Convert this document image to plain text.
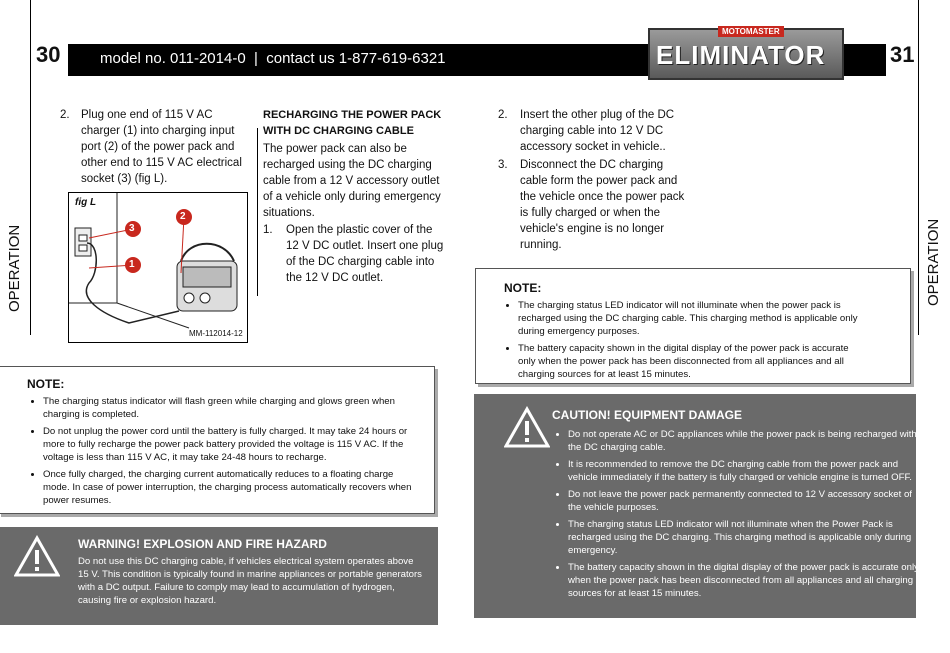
30	31
model no. 011-2014-0  |  contact us 1-877-619-6321
MOTOMASTER
ELIMINATOR
OPERATION	OPERATION
2. Plug one end of 115 V AC charger (1) into charging input port (2) of the power pack and other end to 115 V AC electrical socket (3) (fig L).
fig L
3
2
1
MM-112014-12
RECHARGING THE POWER PACK WITH DC CHARGING CABLE
The power pack can also be recharged using the DC charging cable from a 12 V accessory outlet of a vehicle only during emergency situations.
1. Open the plastic cover of the 12 V DC outlet. Insert one plug of the DC charging cable into the 12 V DC outlet.
2. Insert the other plug of the DC charging cable into 12 V DC accessory socket in vehicle..
3. Disconnect the DC charging cable form the power pack and the vehicle once the power pack is fully charged or when the vehicle's engine is no longer running.
NOTE:
• The charging status indicator will flash green while charging and glows green when charging is completed.
• Do not unplug the power cord until the battery is fully charged. It may take 24 hours or more to fully recharge the power pack battery provided the voltage is 115 V AC. If the voltage is less than 115 V AC, it may take 24-48 hours to recharge.
• Once fully charged, the charging current automatically reduces to a floating charge mode. In case of power interruption, the charging process automatically recovers when power resumes.
WARNING! EXPLOSION AND FIRE HAZARD
Do not use this DC charging cable, if vehicles electrical system operates above 15 V. This condition is typically found in marine appliances or portable generators with a DC output. Failure to comply may lead to accumulation of hydrogen, causing fire or explosion hazard.
NOTE:
• The charging status LED indicator will not illuminate when the power pack is recharged using the DC charging cable. This charging method is applicable only during emergency purposes.
• The battery capacity shown in the digital display of the power pack is accurate only when the power pack has been disconnected from all appliances and all charging sources for at least 15 minutes.
CAUTION! EQUIPMENT DAMAGE
• Do not operate AC or DC appliances while the power pack is being recharged with the DC charging cable.
• It is recommended to remove the DC charging cable from the power pack and vehicle immediately if the battery is fully charged or vehicle engine is turned OFF.
• Do not leave the power pack permanently connected to 12 V accessory socket of the vehicle purposes.
• The charging status LED indicator will not illuminate when the Power Pack is recharged using the DC charging. This charging method is applicable only during emergency.
• The battery capacity shown in the digital display of the power pack is accurate only when the power pack has been disconnected from all appliances and all charging sources for at least 15 minutes.
